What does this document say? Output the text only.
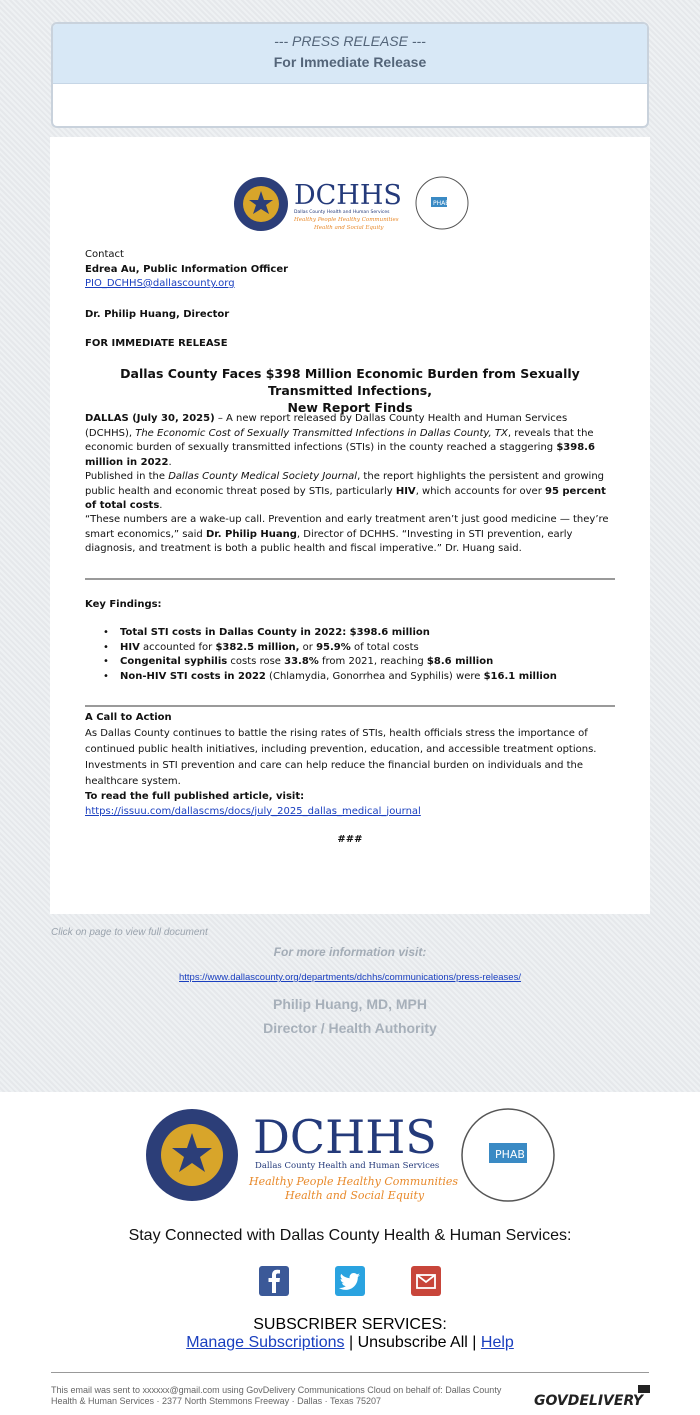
--- PRESS RELEASE ---
For Immediate Release
DCHHS
Dallas County Health and Human Services
Healthy People Healthy Communities
Health and Social Equity
PHAB
Contact
Edrea Au, Public Information Officer
PIO_DCHHS@dallascounty.org
Dr. Philip Huang, Director
FOR IMMEDIATE RELEASE
Dallas County Faces $398 Million Economic Burden from Sexually Transmitted Infections,
New Report Finds
DALLAS (July 30, 2025) – A new report released by Dallas County Health and Human Services (DCHHS), The Economic Cost of Sexually Transmitted Infections in Dallas County, TX, reveals that the economic burden of sexually transmitted infections (STIs) in the county reached a staggering $398.6 million in 2022.
Published in the Dallas County Medical Society Journal, the report highlights the persistent and growing public health and economic threat posed by STIs, particularly HIV, which accounts for over 95 percent of total costs.
“These numbers are a wake-up call. Prevention and early treatment aren’t just good medicine — they’re smart economics,” said Dr. Philip Huang, Director of DCHHS. “Investing in STI prevention, early diagnosis, and treatment is both a public health and fiscal imperative.” Dr. Huang said.
Key Findings:
• Total STI costs in Dallas County in 2022: $398.6 million
• HIV accounted for $382.5 million, or 95.9% of total costs
• Congenital syphilis costs rose 33.8% from 2021, reaching $8.6 million
• Non-HIV STI costs in 2022 (Chlamydia, Gonorrhea and Syphilis) were $16.1 million
A Call to Action
As Dallas County continues to battle the rising rates of STIs, health officials stress the importance of continued public health initiatives, including prevention, education, and accessible treatment options. Investments in STI prevention and care can help reduce the financial burden on individuals and the healthcare system.
To read the full published article, visit:
https://issuu.com/dallascms/docs/july_2025_dallas_medical_journal
###
Click on page to view full document
For more information visit:
https://www.dallascounty.org/departments/dchhs/communications/press-releases/
Philip Huang, MD, MPH
Director / Health Authority
DCHHS
Dallas County Health and Human Services
Healthy People Healthy Communities
Health and Social Equity
PHAB
Stay Connected with Dallas County Health & Human Services:
SUBSCRIBER SERVICES:
Manage Subscriptions | Unsubscribe All | Help
This email was sent to xxxxxx@gmail.com using GovDelivery Communications Cloud on behalf of: Dallas County Health & Human Services · 2377 North Stemmons Freeway · Dallas · Texas 75207	GOVDELIVERY
